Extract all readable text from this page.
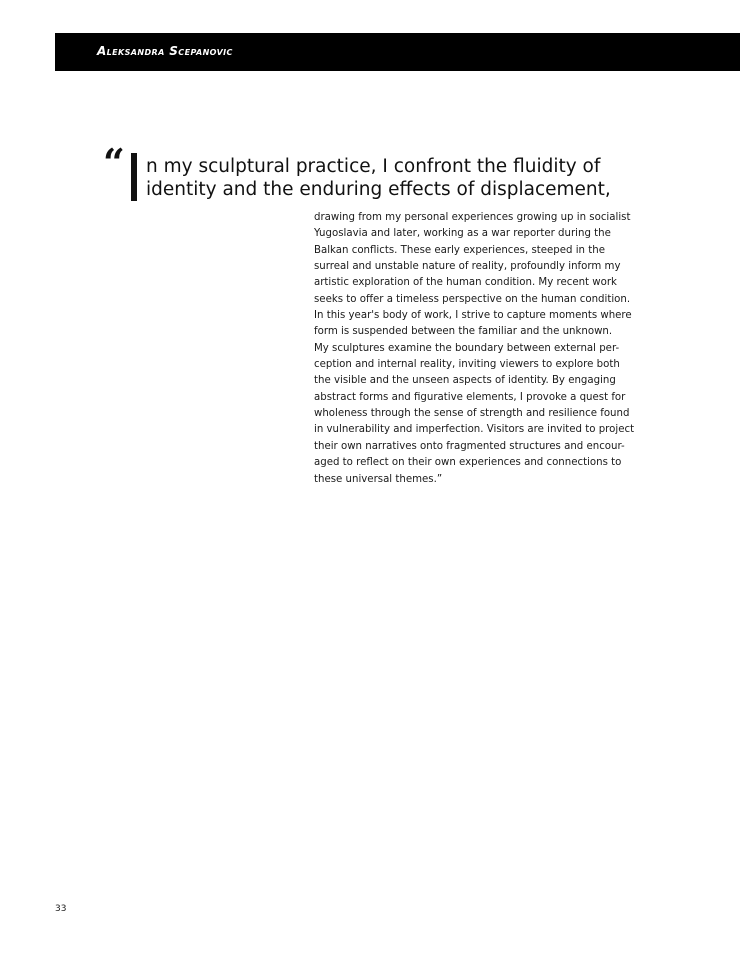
Aleksandra Scepanovic
“ n my sculptural practice, I confront the fluidity of
identity and the enduring effects of displacement,
drawing from my personal experiences growing up in socialist
Yugoslavia and later, working as a war reporter during the
Balkan conflicts. These early experiences, steeped in the
surreal and unstable nature of reality, profoundly inform my
artistic exploration of the human condition. My recent work
seeks to offer a timeless perspective on the human condition.
In this year's body of work, I strive to capture moments where
form is suspended between the familiar and the unknown.
My sculptures examine the boundary between external per-
ception and internal reality, inviting viewers to explore both
the visible and the unseen aspects of identity. By engaging
abstract forms and figurative elements, I provoke a quest for
wholeness through the sense of strength and resilience found
in vulnerability and imperfection. Visitors are invited to project
their own narratives onto fragmented structures and encour-
aged to reflect on their own experiences and connections to
these universal themes.”
33
